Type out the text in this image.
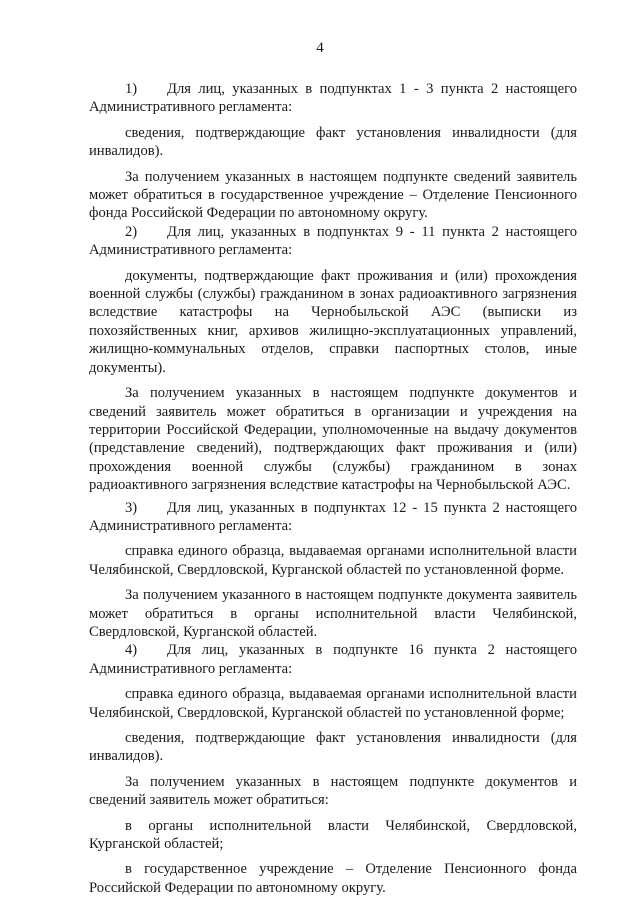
4

1) Для лиц, указанных в подпунктах 1 - 3 пункта 2 настоящего Административного регламента:

сведения, подтверждающие факт установления инвалидности (для инвалидов).

За получением указанных в настоящем подпункте сведений заявитель может обратиться в государственное учреждение – Отделение Пенсионного фонда Российской Федерации по автономному округу.

2) Для лиц, указанных в подпунктах 9 - 11 пункта 2 настоящего Административного регламента:

документы, подтверждающие факт проживания и (или) прохождения военной службы (службы) гражданином в зонах радиоактивного загрязнения вследствие катастрофы на Чернобыльской АЭС (выписки из похозяйственных книг, архивов жилищно-эксплуатационных управлений, жилищно-коммунальных отделов, справки паспортных столов, иные документы).

За получением указанных в настоящем подпункте документов и сведений заявитель может обратиться в организации и учреждения на территории Российской Федерации, уполномоченные на выдачу документов (представление сведений), подтверждающих факт проживания и (или) прохождения военной службы (службы) гражданином в зонах радиоактивного загрязнения вследствие катастрофы на Чернобыльской АЭС.

3) Для лиц, указанных в подпунктах 12 - 15 пункта 2 настоящего Административного регламента:

справка единого образца, выдаваемая органами исполнительной власти Челябинской, Свердловской, Курганской областей по установленной форме.

За получением указанного в настоящем подпункте документа заявитель может обратиться в органы исполнительной власти Челябинской, Свердловской, Курганской областей.

4) Для лиц, указанных в подпункте 16 пункта 2 настоящего Административного регламента:

справка единого образца, выдаваемая органами исполнительной власти Челябинской, Свердловской, Курганской областей по установленной форме;

сведения, подтверждающие факт установления инвалидности (для инвалидов).

За получением указанных в настоящем подпункте документов и сведений заявитель может обратиться:

в органы исполнительной власти Челябинской, Свердловской, Курганской областей;

в государственное учреждение – Отделение Пенсионного фонда Российской Федерации по автономному округу.
